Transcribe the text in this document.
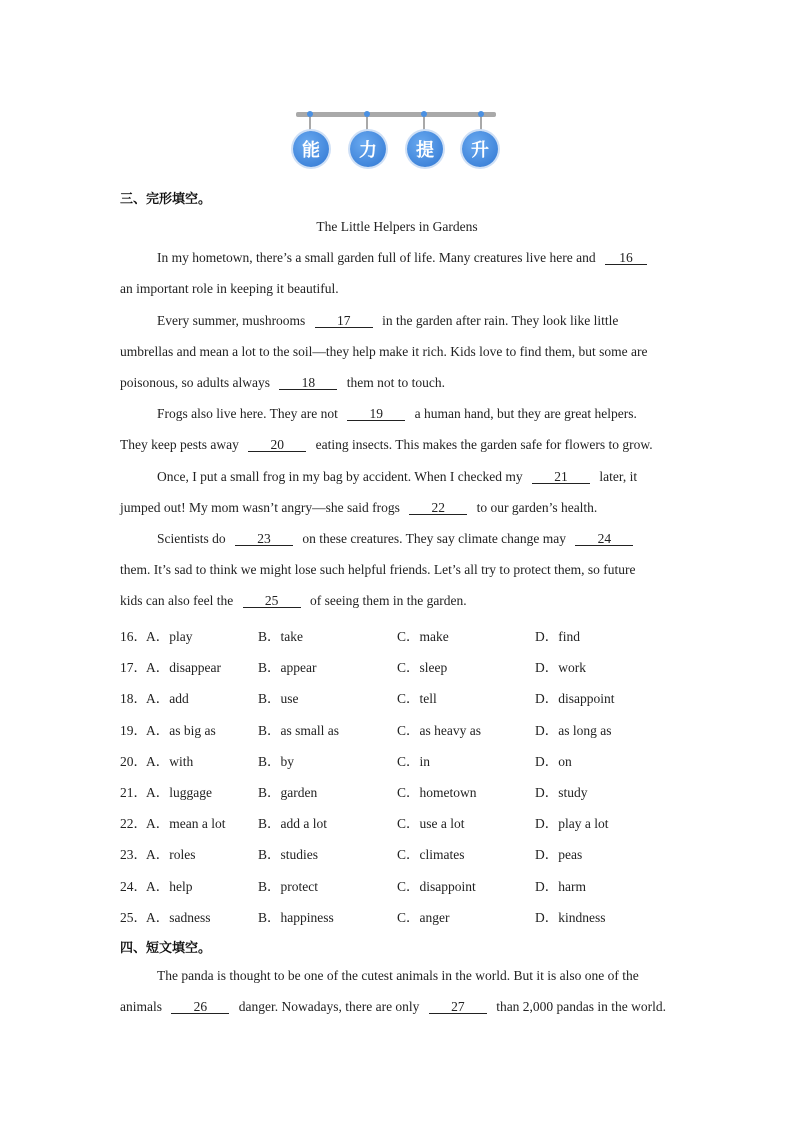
能	力	提	升
三、完形填空。
The Little Helpers in Gardens
In my hometown, there’s a small garden full of life. Many creatures live here and 16
an important role in keeping it beautiful.
Every summer, mushrooms 17 in the garden after rain. They look like little
umbrellas and mean a lot to the soil—they help make it rich. Kids love to find them, but some are
poisonous, so adults always 18 them not to touch.
Frogs also live here. They are not 19 a human hand, but they are great helpers.
They keep pests away 20 eating insects. This makes the garden safe for flowers to grow.
Once, I put a small frog in my bag by accident. When I checked my 21 later, it
jumped out! My mom wasn’t angry—she said frogs 22 to our garden’s health.
Scientists do 23 on these creatures. They say climate change may 24
them. It’s sad to think we might lose such helpful friends. Let’s all try to protect them, so future
kids can also feel the 25 of seeing them in the garden.
16． A．play	B．take	C．make	D．find
17． A．disappear	B．appear	C．sleep	D．work
18． A．add	B．use	C．tell	D．disappoint
19． A．as big as	B．as small as	C．as heavy as	D．as long as
20． A．with	B．by	C．in	D．on
21． A．luggage	B．garden	C．hometown	D．study
22． A．mean a lot B．add a lot	C．use a lot	D．play a lot
23． A．roles	B．studies	C．climates	D．peas
24． A．help	B．protect	C．disappoint	D．harm
25． A．sadness	B．happiness	C．anger	D．kindness
四、短文填空。
The panda is thought to be one of the cutest animals in the world. But it is also one of the
animals 26 danger. Nowadays, there are only 27 than 2,000 pandas in the world.
